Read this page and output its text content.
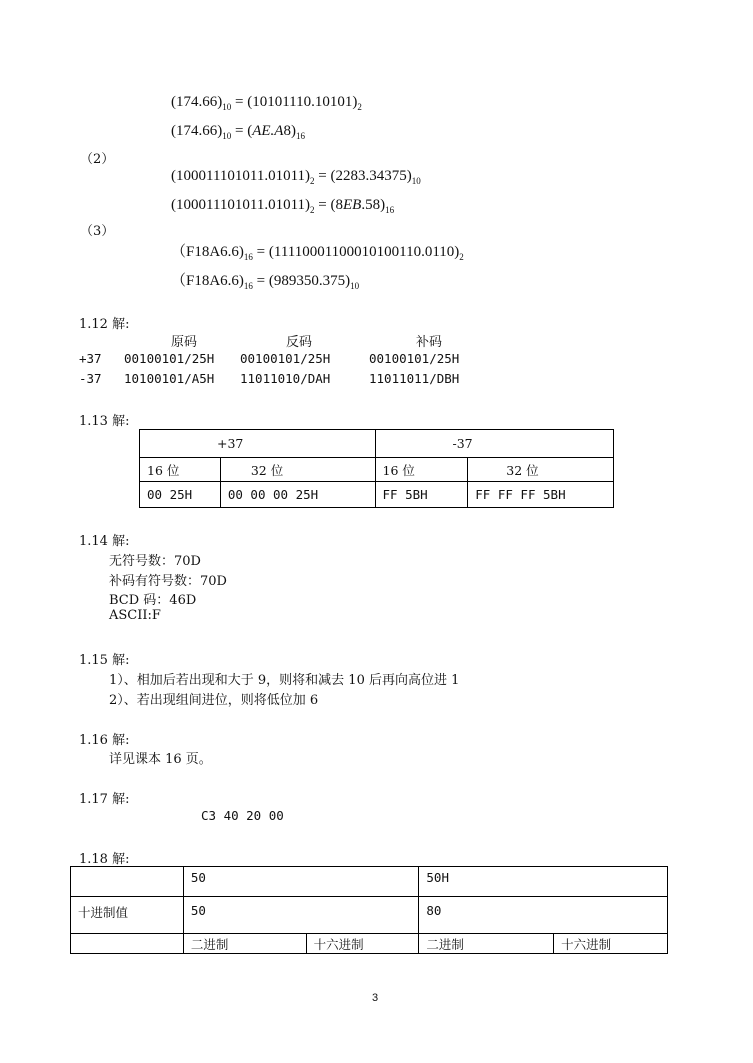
$(174.66)_{10} = (10101110.10101)_2$
$(174.66)_{10} = (AE.A8)_{16}$
（2）
$(100011101011.01011)_2 = (2283.34375)_{10}$
$(100011101011.01011)_2 = (8EB.58)_{16}$
（3）
$(F18A6.6)_{16} = (11110001100010100110.0110)_2$
$(F18A6.6)_{16} = (989350.375)_{10}$
1.12 解:
原码	反码	补码
+37 00100101/25H 00100101/25H	00100101/25H
-37 10100101/A5H 11011010/DAH	11011011/DBH
1.13 解:
+37		-37	
16 位	32 位	16 位	32 位
00 25H	00 00 00 25H	FF 5BH	FF FF FF 5BH
1.14 解:
无符号数：70D
补码有符号数：70D
BCD 码：46D
ASCII:F
1.15 解:
1）、相加后若出现和大于 9，则将和减去 10 后再向高位进 1
2）、若出现组间进位，则将低位加 6
1.16 解:
详见课本 16 页。
1.17 解:
C3 40 20 00
1.18 解:
	50		50H	
十进制值	50		80	
	二进制	十六进制	二进制	十六进制
3
